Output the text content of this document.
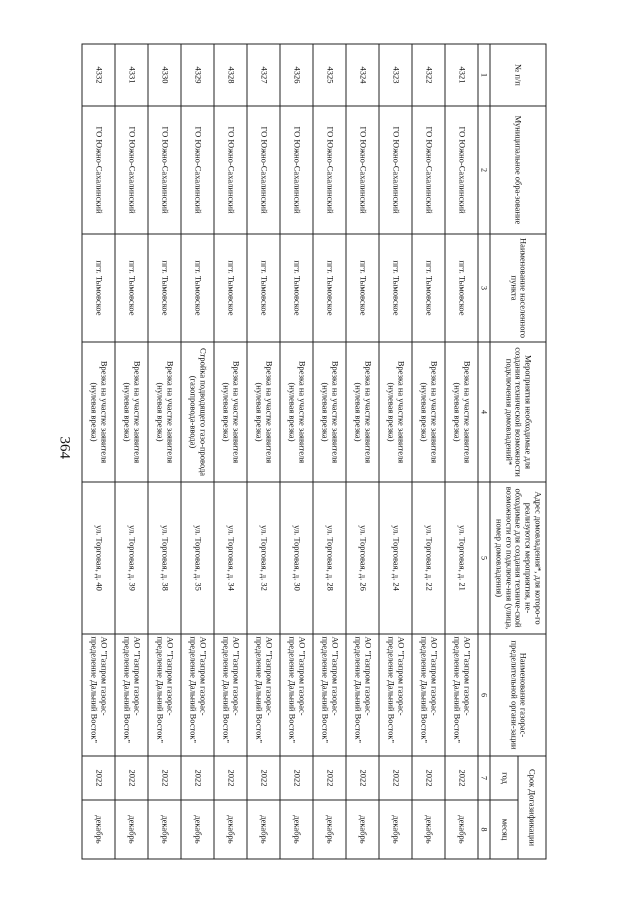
364
№ п/п	Муниципальное обра-зование	Наименование населенного пункта	Мероприятия необходимые для создания технической возможности подключения домовладений*	Адрес домовладения*, для которо-го реализуются мероприятия, не-обходимые для создания техниче-ской возможности его подключе-ния (улица, номер домовладения)	Наименование газорас-пределительной органи-зации	Срок Догазификации	
						год	месяц
1	2	3	4	5	6	7	8
4321	ГО Южно-Сахалинский	пгт. Тымовское	Врезка на участке заявителя (нулевая врезка)	ул. Торговая, д. 21	АО "Газпром газорас-пределение Дальний Восток"	2022	декабрь
4322	ГО Южно-Сахалинский	пгт. Тымовское	Врезка на участке заявителя (нулевая врезка)	ул. Торговая, д. 22	АО "Газпром газорас-пределение Дальний Восток"	2022	декабрь
4323	ГО Южно-Сахалинский	пгт. Тымовское	Врезка на участке заявителя (нулевая врезка)	ул. Торговая, д. 24	АО "Газпром газорас-пределение Дальний Восток"	2022	декабрь
4324	ГО Южно-Сахалинский	пгт. Тымовское	Врезка на участке заявителя (нулевая врезка)	ул. Торговая, д. 26	АО "Газпром газорас-пределение Дальний Восток"	2022	декабрь
4325	ГО Южно-Сахалинский	пгт. Тымовское	Врезка на участке заявителя (нулевая врезка)	ул. Торговая, д. 28	АО "Газпром газорас-пределение Дальний Восток"	2022	декабрь
4326	ГО Южно-Сахалинский	пгт. Тымовское	Врезка на участке заявителя (нулевая врезка)	ул. Торговая, д. 30	АО "Газпром газорас-пределение Дальний Восток"	2022	декабрь
4327	ГО Южно-Сахалинский	пгт. Тымовское	Врезка на участке заявителя (нулевая врезка)	ул. Торговая, д. 32	АО "Газпром газорас-пределение Дальний Восток"	2022	декабрь
4328	ГО Южно-Сахалинский	пгт. Тымовское	Врезка на участке заявителя (нулевая врезка)	ул. Торговая, д. 34	АО "Газпром газорас-пределение Дальний Восток"	2022	декабрь
4329	ГО Южно-Сахалинский	пгт. Тымовское	Стройка подводящего газо-провода (газопровода-ввода)	ул. Торговая, д. 35	АО "Газпром газорас-пределение Дальний Восток"	2022	декабрь
4330	ГО Южно-Сахалинский	пгт. Тымовское	Врезка на участке заявителя (нулевая врезка)	ул. Торговая, д. 38	АО "Газпром газорас-пределение Дальний Восток"	2022	декабрь
4331	ГО Южно-Сахалинский	пгт. Тымовское	Врезка на участке заявителя (нулевая врезка)	ул. Торговая, д. 39	АО "Газпром газорас-пределение Дальний Восток"	2022	декабрь
4332	ГО Южно-Сахалинский	пгт. Тымовское	Врезка на участке заявителя (нулевая врезка)	ул. Торговая, д. 40	АО "Газпром газорас-пределение Дальний Восток"	2022	декабрь
